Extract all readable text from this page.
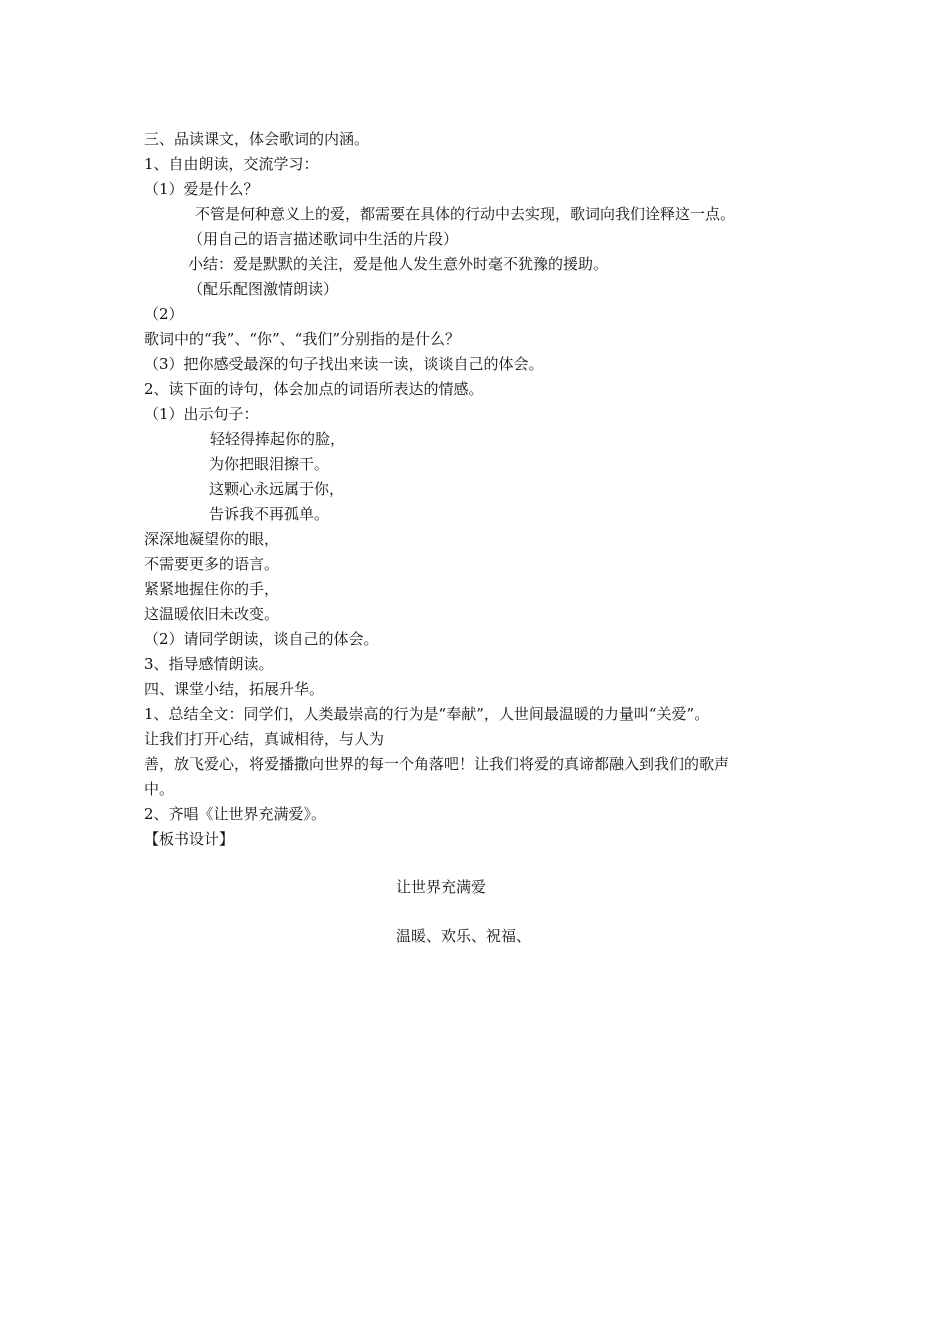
三、品读课文，体会歌词的内涵。
1、自由朗读，交流学习：
（1）爱是什么？
不管是何种意义上的爱，都需要在具体的行动中去实现，歌词向我们诠释这一点。
（用自己的语言描述歌词中生活的片段）
小结：爱是默默的关注，爱是他人发生意外时毫不犹豫的援助。
（配乐配图激情朗读）
（2）
歌词中的“我”、“你”、“我们”分别指的是什么？
（3）把你感受最深的句子找出来读一读，谈谈自己的体会。
2、读下面的诗句，体会加点的词语所表达的情感。
（1）出示句子：
轻轻得捧起你的脸，
为你把眼泪擦干。
这颗心永远属于你，
告诉我不再孤单。
深深地凝望你的眼，
不需要更多的语言。
紧紧地握住你的手，
这温暖依旧未改变。
（2）请同学朗读，谈自己的体会。
3、指导感情朗读。
四、课堂小结，拓展升华。
1、总结全文：同学们，人类最崇高的行为是“奉献”，人世间最温暖的力量叫“关爱”。
让我们打开心结，真诚相待，与人为
善，放飞爱心，将爱播撒向世界的每一个角落吧！让我们将爱的真谛都融入到我们的歌声
中。
2、齐唱《让世界充满爱》。
【板书设计】
让世界充满爱
温暖、欢乐、祝福、
